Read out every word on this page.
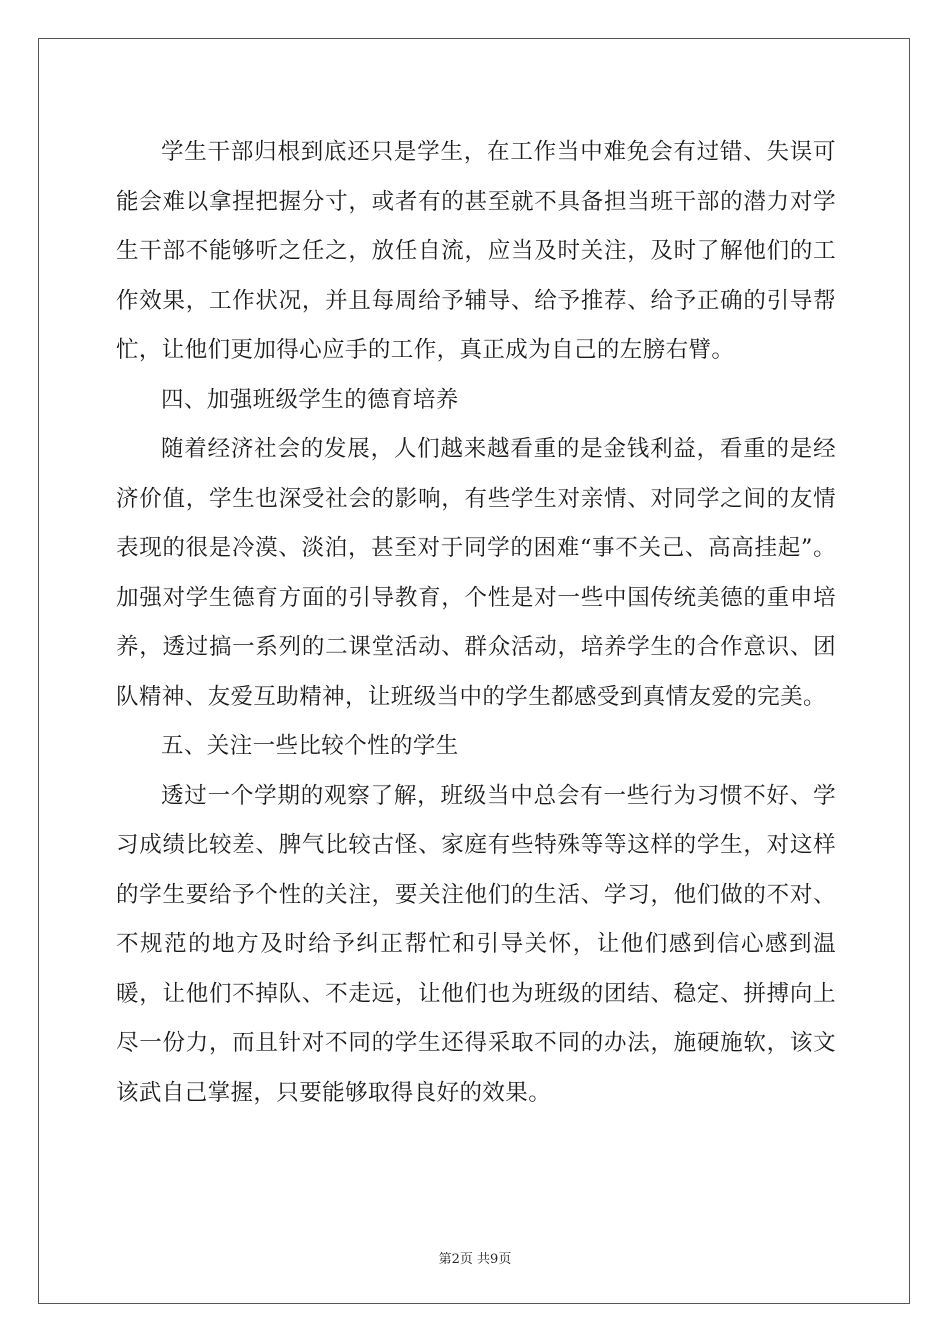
学生干部归根到底还只是学生，在工作当中难免会有过错、失误可能会难以拿捏把握分寸，或者有的甚至就不具备担当班干部的潜力对学生干部不能够听之任之，放任自流，应当及时关注，及时了解他们的工作效果，工作状况，并且每周给予辅导、给予推荐、给予正确的引导帮忙，让他们更加得心应手的工作，真正成为自己的左膀右臂。

四、加强班级学生的德育培养

随着经济社会的发展，人们越来越看重的是金钱利益，看重的是经济价值，学生也深受社会的影响，有些学生对亲情、对同学之间的友情表现的很是冷漠、淡泊，甚至对于同学的困难“事不关己、高高挂起”。加强对学生德育方面的引导教育，个性是对一些中国传统美德的重申培养，透过搞一系列的二课堂活动、群众活动，培养学生的合作意识、团队精神、友爱互助精神，让班级当中的学生都感受到真情友爱的完美。

五、关注一些比较个性的学生

透过一个学期的观察了解，班级当中总会有一些行为习惯不好、学习成绩比较差、脾气比较古怪、家庭有些特殊等等这样的学生，对这样的学生要给予个性的关注，要关注他们的生活、学习，他们做的不对、不规范的地方及时给予纠正帮忙和引导关怀，让他们感到信心感到温暖，让他们不掉队、不走远，让他们也为班级的团结、稳定、拼搏向上尽一份力，而且针对不同的学生还得采取不同的办法，施硬施软，该文该武自己掌握，只要能够取得良好的效果。

第2页 共9页
